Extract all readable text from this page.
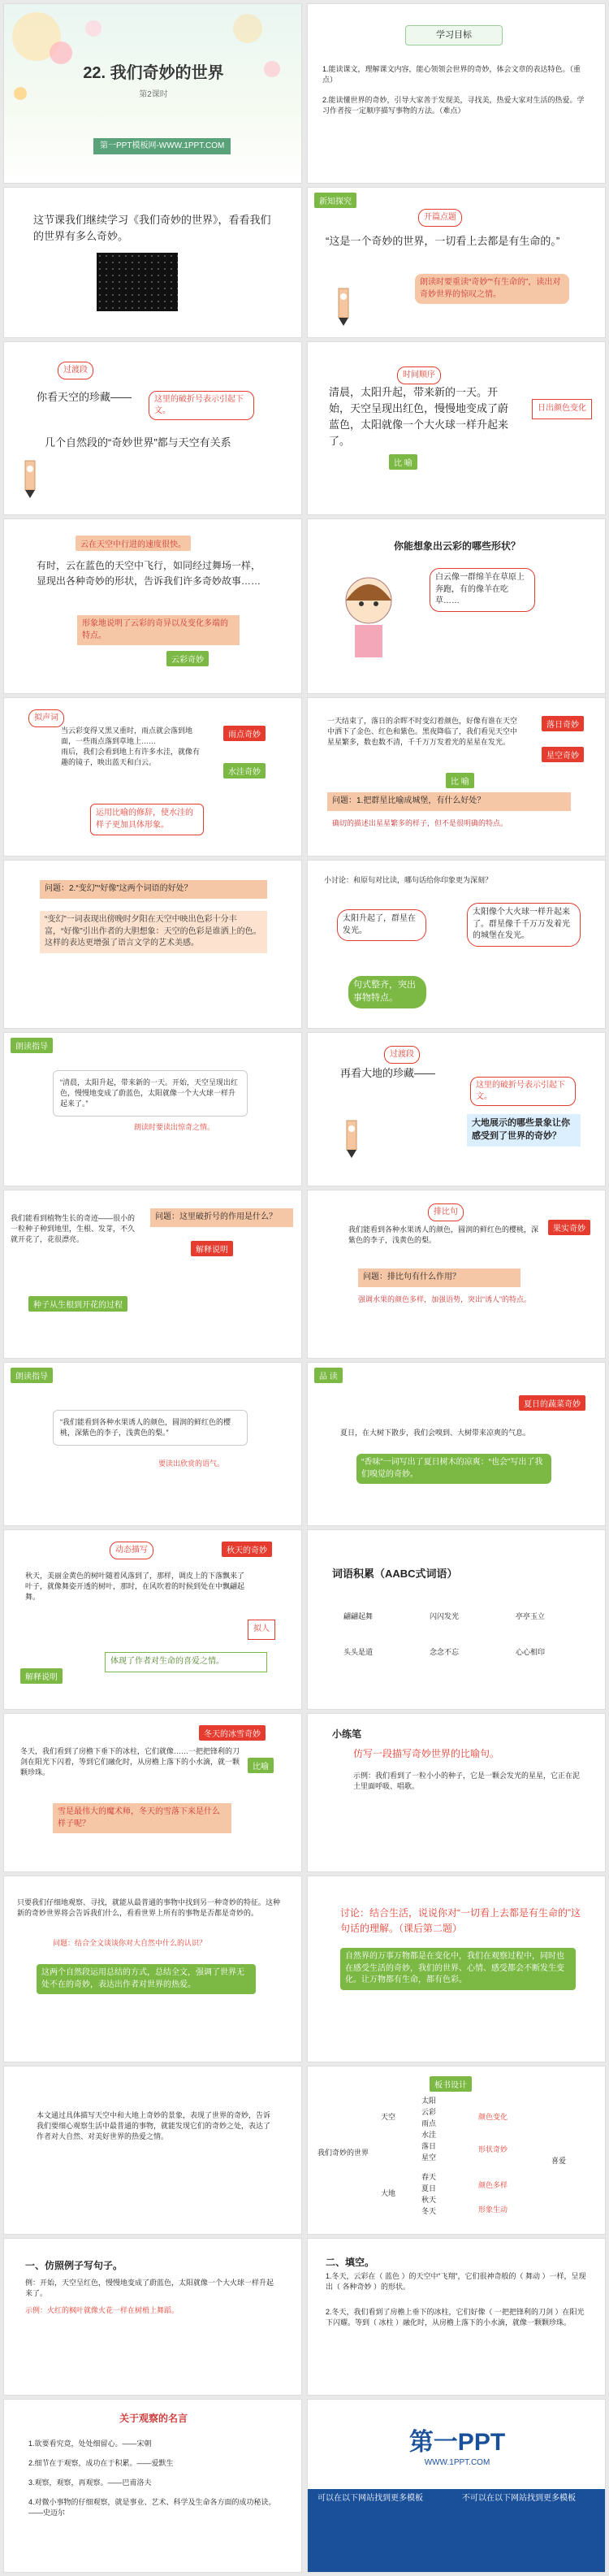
22. 我们奇妙的世界
第2课时
第一PPT模板网-WWW.1PPT.COM
学习目标
1.能读课文，理解课文内容，能心领领会世界的奇妙，体会文章的表达特色。（重点）
2.能读懂世界的奇妙，引导大家善于发现美，寻找美，热爱大家对生活的热爱。学习作者按一定顺序描写事物的方法。（难点）
这节课我们继续学习《我们奇妙的世界》，看看我们的世界有多么奇妙。
新知探究
开篇点题
“这是一个奇妙的世界，一切看上去都是有生命的。”
朗读时要重读“奇妙”“有生命的”，读出对奇妙世界的惊叹之情。
过渡段
你看天空的珍藏——	这里的破折号表示引起下文。
几个自然段的“奇妙世界”都与天空有关系
时间顺序
清晨，太阳升起，带来新的一天。开始，天空呈现出红色，慢慢地变成了蔚蓝色，太阳就像一个大火球一样升起来了。
日出颜色变化
比 喻
云在天空中行进的速度很快。
有时，云在蓝色的天空中飞行，如同经过舞场一样，显现出各种奇妙的形状，告诉我们许多奇妙故事……
形象地说明了云彩的奇异以及变化多端的特点。
云彩奇妙
你能想象出云彩的哪些形状？
白云像一群绵羊在草原上奔跑，有的像羊在吃草……
拟声词
当云彩变得又黑又重时，雨点就会落到地面，一些雨点落到草地上……
雨后，我们会看到地上有许多水洼，就像有趣的镜子，映出蓝天和白云。
雨点奇妙
水洼奇妙
运用比喻的修辞，使水洼的样子更加具体形象。
一天结束了，落日的余晖不时变幻着颜色，好像有谁在天空中洒下了金色、红色和紫色。黑夜降临了，我们看见天空中星星繁多，数也数不清，千千万万发着光的星星在发光。
落日奇妙
星空奇妙
比 喻
问题：1.把群星比喻成城堡，有什么好处？
确切的描述出星星繁多的样子，但不是很明确的特点。
问题：2.“变幻”“好像”这两个词语的好处？
“变幻”一词表现出傍晚时夕阳在天空中映出色彩十分丰富，“好像”引出作者的大胆想象：天空的色彩是谁洒上的色。这样的表达更增强了语言文学的艺术美感。
小讨论：和原句对比读，哪句话给你印象更为深刻？
太阳升起了，群星在发光。
太阳像个大火球一样升起来了。群星像千千万万发着光的城堡在发光。
句式整齐，突出事物特点。
朗读指导
“清晨，太阳升起，带来新的一天。开始，天空呈现出红色，慢慢地变成了蔚蓝色，太阳就像一个大火球一样升起来了。”
朗读时要读出惊奇之情。
过渡段
再看大地的珍藏——
这里的破折号表示引起下文。
大地展示的哪些景象让你感受到了世界的奇妙？
我们能看到植物生长的奇迹——很小的一粒种子种到地里，生根、发芽，不久就开花了，花很漂亮。
问题：这里破折号的作用是什么？
解释说明
种子从生根到开花的过程
排比句
果实奇妙
我们能看到各种水果诱人的颜色，圆润的鲜红色的樱桃，深紫色的李子，浅黄色的梨。
问题：排比句有什么作用？
强调水果的颜色多样，加强语势，突出“诱人”的特点。
朗读指导
“我们能看到各种水果诱人的颜色，圆润的鲜红色的樱桃，深紫色的李子，浅黄色的梨。”
要读出欣赏的语气。
品 读
夏日的蔬菜奇妙
夏日，在大树下散步，我们会嗅到、大树带来凉爽的气息。
“香味”一词写出了夏日树木的凉爽：“也会”写出了我们嗅觉的奇妙。
动态描写	秋天的奇妙
秋天，美丽金黄色的树叶随着风落到了，那样，调皮上的下落飘来了叶子，就像舞姿开透的树叶，那时，在风吹着的时候到处在中飘翩起舞。
拟人
解释说明
体现了作者对生命的喜爱之情。
词语积累（AABC式词语）
翩翩起舞	闪闪发光	亭亭玉立
头头是道	念念不忘	心心相印
冬天的冰雪奇妙
冬天，我们看到了房檐下垂下的冰柱，它们就像……一把把锋利的刀剑在阳光下闪着，等到它们融化时，从房檐上落下的小水滴，就一颗颗珍珠。
比喻
雪是最伟大的魔术师，冬天的雪落下来是什么样子呢？
小练笔
仿写一段描写奇妙世界的比喻句。
示例：我们看到了一粒小小的种子，它是一颗会发光的星星，它正在泥土里面呼吸、唱歌。
只要我们仔细地观察、寻找，就能从最普通的事物中找到另一种奇妙的特征。这种新的奇妙世界将会告诉我们什么，看看世界上所有的事物是否都是奇妙的。
问题：结合全文谈谈你对大自然中什么的认识？
这两个自然段运用总结的方式，总结全文，强调了世界无处不在的奇妙，表达出作者对世界的热爱。
讨论：结合生活，说说你对“一切看上去都是有生命的”这句话的理解。（课后第二题）
自然界的万事万物都是在变化中，我们在观察过程中，同时也在感受生活的奇妙，我们的世界、心情、感受都会不断发生变化。让万物都有生命，都有色彩。
本文通过具体描写天空中和大地上奇妙的景象，表现了世界的奇妙，告诉我们要细心观察生活中最普通的事物，就能发现它们的奇妙之处，表达了作者对大自然、对美好世界的热爱之情。
板书设计
我们奇妙的世界
天空
大地
太阳
云彩
雨点
水洼
落日
星空
春天
夏日
秋天
冬天
颜色变化
形状奇妙
颜色多样
形象生动
喜爱
一、仿照例子写句子。
例：开始，天空呈红色，慢慢地变成了蔚蓝色，太阳就像一个大火球一样升起来了。
示例：火红的枫叶就像火花一样在树梢上舞蹈。
二、填空。
1.冬天，云彩在（ 蓝色 ）的天空中“飞翔”，它们很神奇般的（ 舞动 ）一样，呈现出（ 各种奇妙 ）的形状。
2.冬天，我们看到了房檐上垂下的冰柱，它们好像（ 一把把锋利的刀剑 ）在阳光下闪耀。等到（ 冰柱 ）融化时，从房檐上落下的小水滴，就像一颗颗珍珠。
关于观察的名言
1.欲要看究竟，处处细留心。——宋朝
2.细节在于观察，成功在于积累。——爱默生
3.观察，观察，再观察。——巴甫洛夫
4.对微小事物的仔细观察，就是事业、艺术、科学及生命各方面的成功秘诀。——史迈尔
第一PPT
WWW.1PPT.COM
可以在以下网站找到更多模板	不可以在以下网站找到更多模板
